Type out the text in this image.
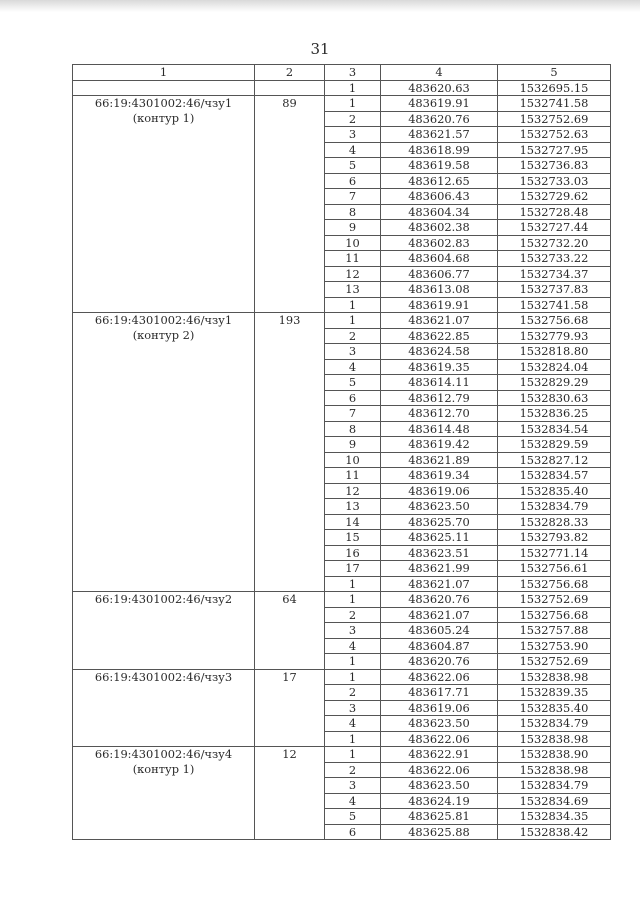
31
1	2	3	4	5
		1	483620.63	1532695.15

66:19:4301002:46/чзу1
(контур 1)	89	1	483619.91	1532741.58
		2	483620.76	1532752.69
		3	483621.57	1532752.63
		4	483618.99	1532727.95
		5	483619.58	1532736.83
		6	483612.65	1532733.03
		7	483606.43	1532729.62
		8	483604.34	1532728.48
		9	483602.38	1532727.44
		10	483602.83	1532732.20
		11	483604.68	1532733.22
		12	483606.77	1532734.37
		13	483613.08	1532737.83
		1	483619.91	1532741.58

66:19:4301002:46/чзу1
(контур 2)	193	1	483621.07	1532756.68
		2	483622.85	1532779.93
		3	483624.58	1532818.80
		4	483619.35	1532824.04
		5	483614.11	1532829.29
		6	483612.79	1532830.63
		7	483612.70	1532836.25
		8	483614.48	1532834.54
		9	483619.42	1532829.59
		10	483621.89	1532827.12
		11	483619.34	1532834.57
		12	483619.06	1532835.40
		13	483623.50	1532834.79
		14	483625.70	1532828.33
		15	483625.11	1532793.82
		16	483623.51	1532771.14
		17	483621.99	1532756.61
		1	483621.07	1532756.68

66:19:4301002:46/чзу2	64	1	483620.76	1532752.69
		2	483621.07	1532756.68
		3	483605.24	1532757.88
		4	483604.87	1532753.90
		1	483620.76	1532752.69

66:19:4301002:46/чзу3	17	1	483622.06	1532838.98
		2	483617.71	1532839.35
		3	483619.06	1532835.40
		4	483623.50	1532834.79
		1	483622.06	1532838.98

66:19:4301002:46/чзу4
(контур 1)	12	1	483622.91	1532838.90
		2	483622.06	1532838.98
		3	483623.50	1532834.79
		4	483624.19	1532834.69
		5	483625.81	1532834.35
		6	483625.88	1532838.42
